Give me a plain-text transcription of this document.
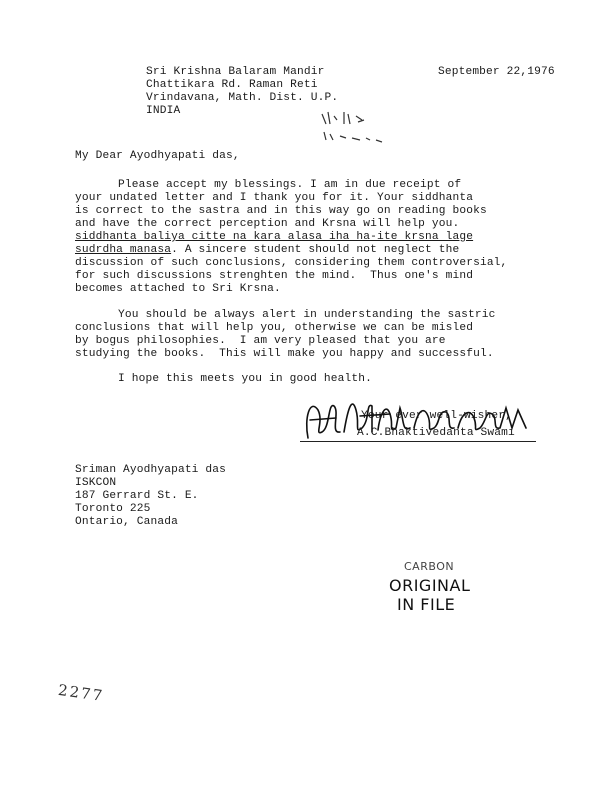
September 22,1976
Sri Krishna Balaram Mandir
Chattikara Rd. Raman Reti
Vrindavana, Math. Dist. U.P.
INDIA
My Dear Ayodhyapati das,
Please accept my blessings. I am in due receipt of
your undated letter and I thank you for it. Your siddhanta
is correct to the sastra and in this way go on reading books
and have the correct perception and Krsna will help you.
siddhanta baliya citte na kara alasa iha ha-ite krsna lage
sudrdha manasa. A sincere student should not neglect the
discussion of such conclusions, considering them controversial,
for such discussions strenghten the mind.  Thus one's mind
becomes attached to Sri Krsna.
You should be always alert in understanding the sastric
conclusions that will help you, otherwise we can be misled
by bogus philosophies.  I am very pleased that you are
studying the books.  This will make you happy and successful.
I hope this meets you in good health.
Your ever well-wisher,
A.C.Bhaktivedanta Swami
Sriman Ayodhyapati das
ISKCON
187 Gerrard St. E.
Toronto 225
Ontario, Canada
CARBON
ORIGINAL
IN FILE
2277
